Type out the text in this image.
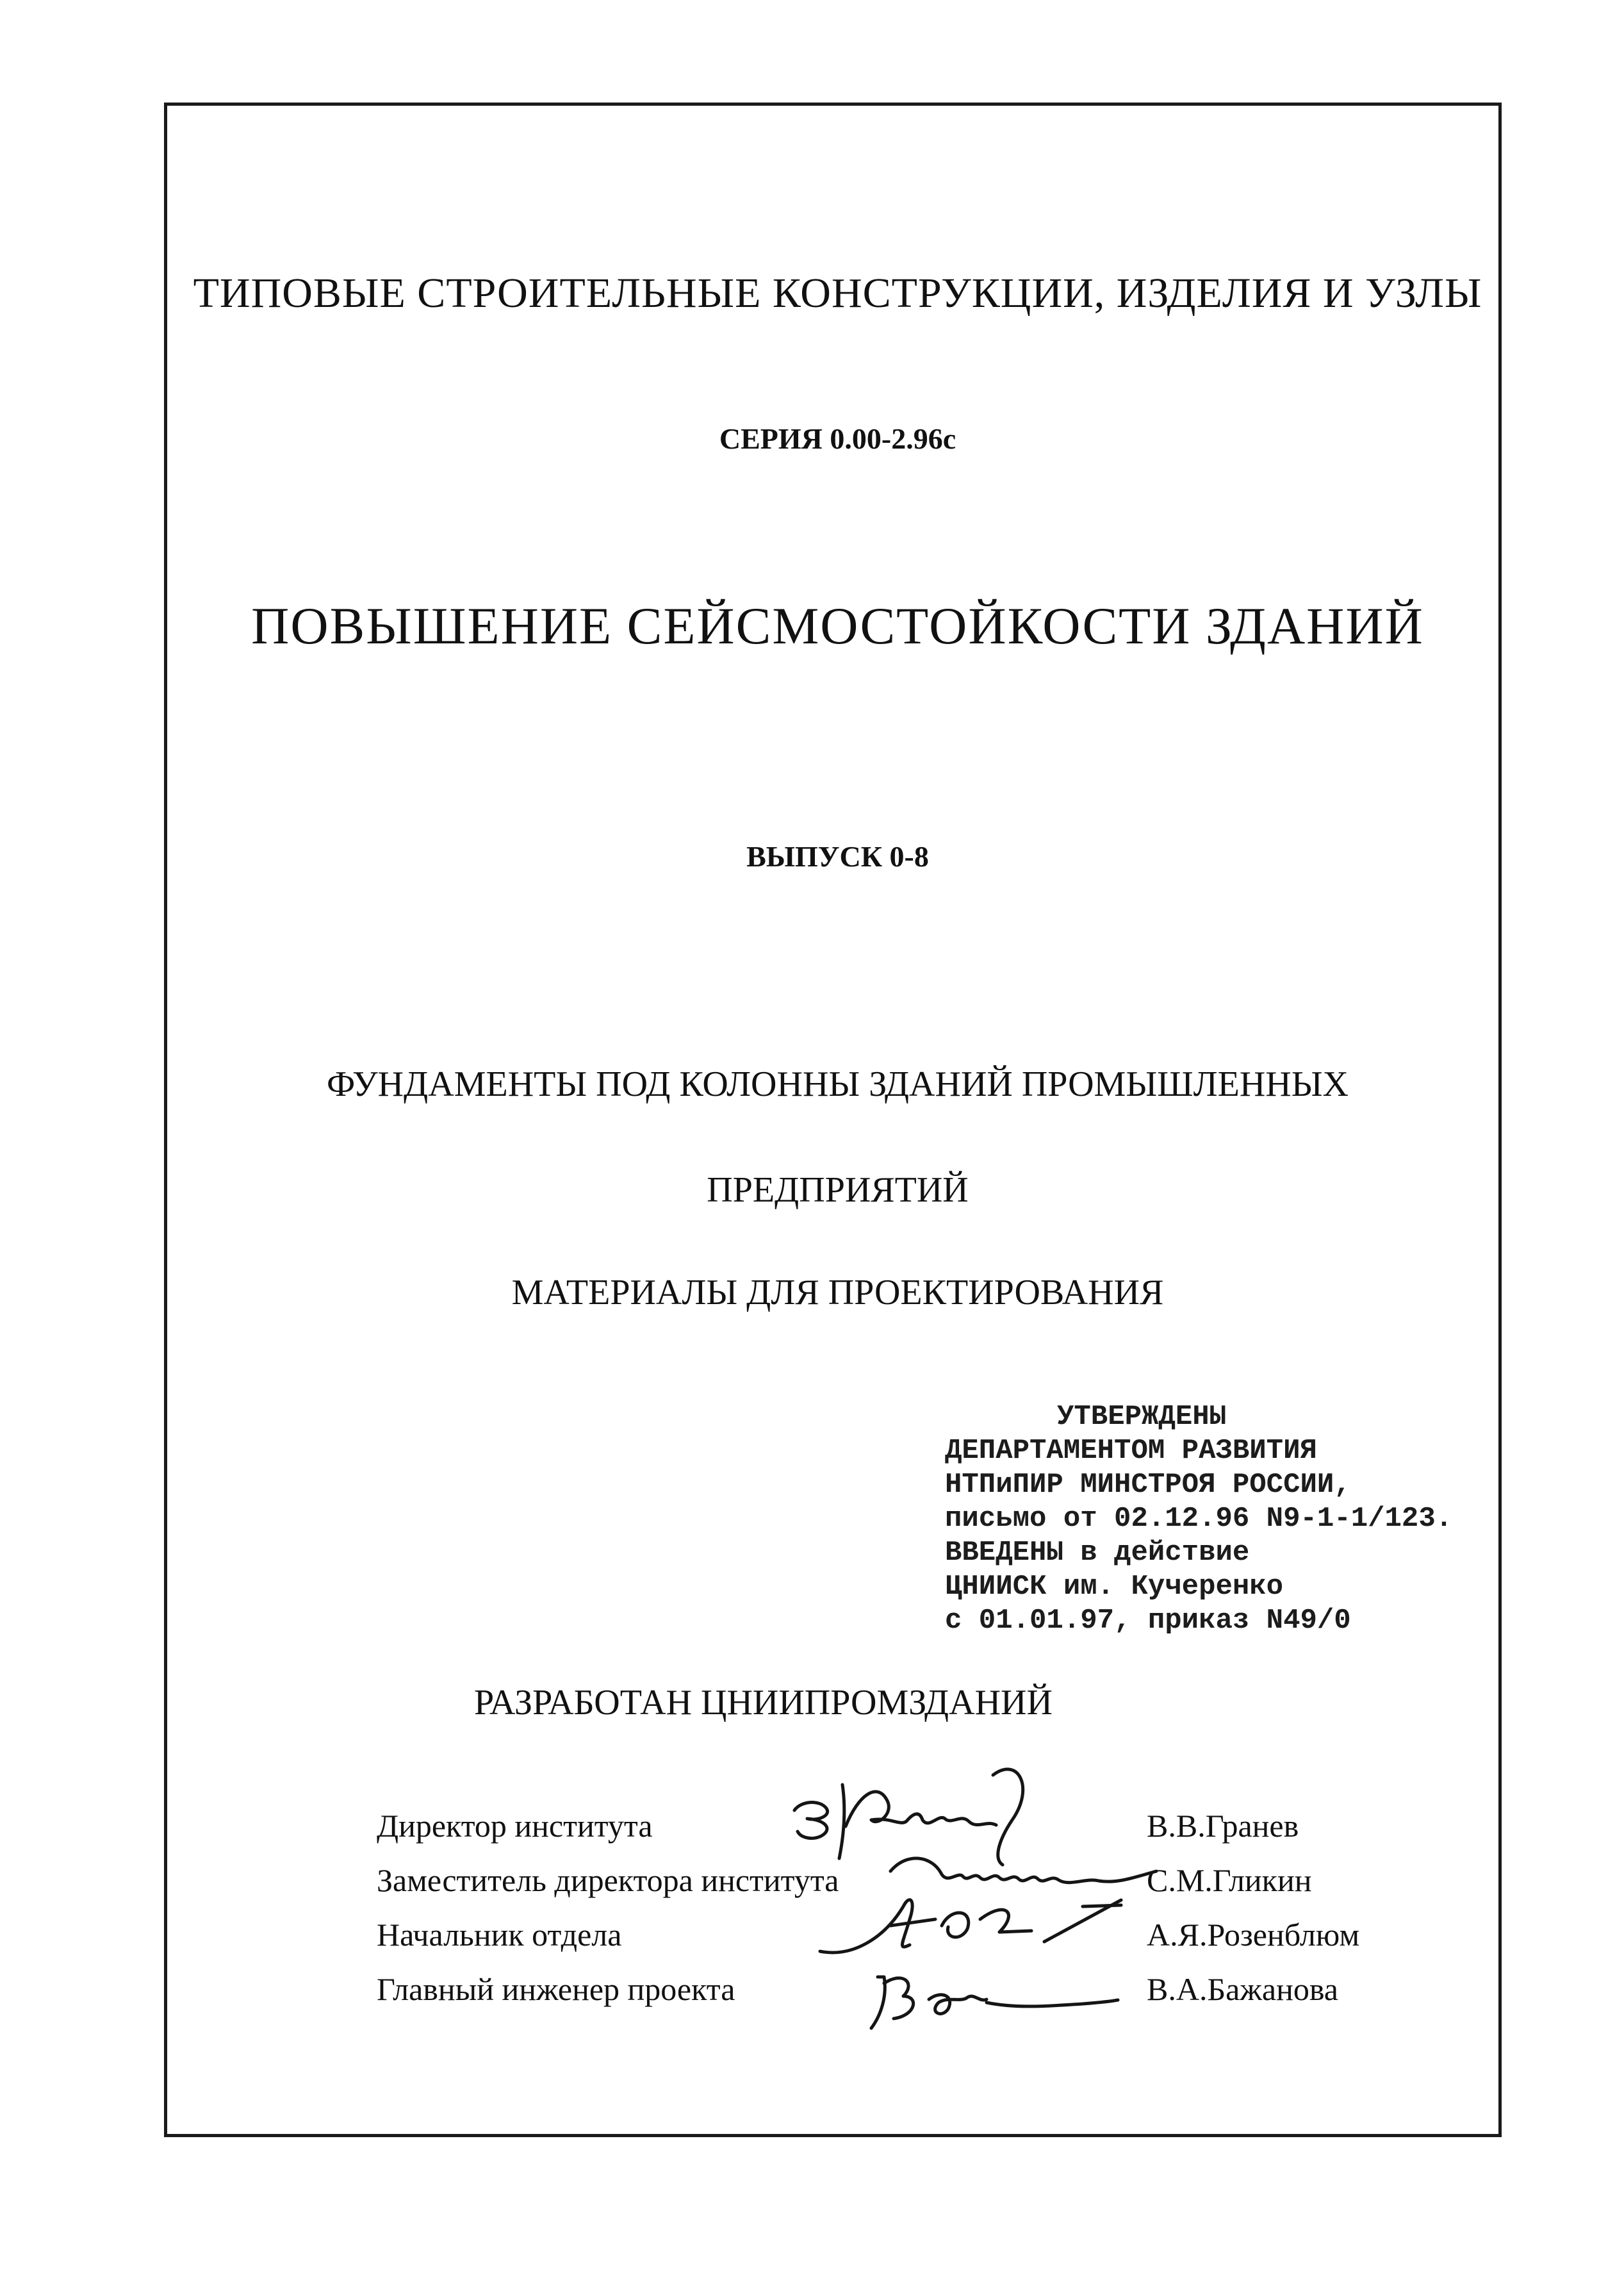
ТИПОВЫЕ СТРОИТЕЛЬНЫЕ КОНСТРУКЦИИ, ИЗДЕЛИЯ И УЗЛЫ
СЕРИЯ 0.00-2.96с
ПОВЫШЕНИЕ СЕЙСМОСТОЙКОСТИ ЗДАНИЙ
ВЫПУСК 0-8
ФУНДАМЕНТЫ ПОД КОЛОННЫ ЗДАНИЙ ПРОМЫШЛЕННЫХ
ПРЕДПРИЯТИЙ
МАТЕРИАЛЫ ДЛЯ ПРОЕКТИРОВАНИЯ
УТВЕРЖДЕНЫ
ДЕПАРТАМЕНТОМ РАЗВИТИЯ
НТПиПИР МИНСТРОЯ РОССИИ,
письмо от 02.12.96 N9-1-1/123.
ВВЕДЕНЫ в действие
ЦНИИСК им. Кучеренко
с 01.01.97, приказ N49/0
РАЗРАБОТАН ЦНИИПРОМЗДАНИЙ
Директор института	В.В.Гранев
Заместитель директора института	С.М.Гликин
Начальник отдела	А.Я.Розенблюм
Главный инженер проекта	В.А.Бажанова
